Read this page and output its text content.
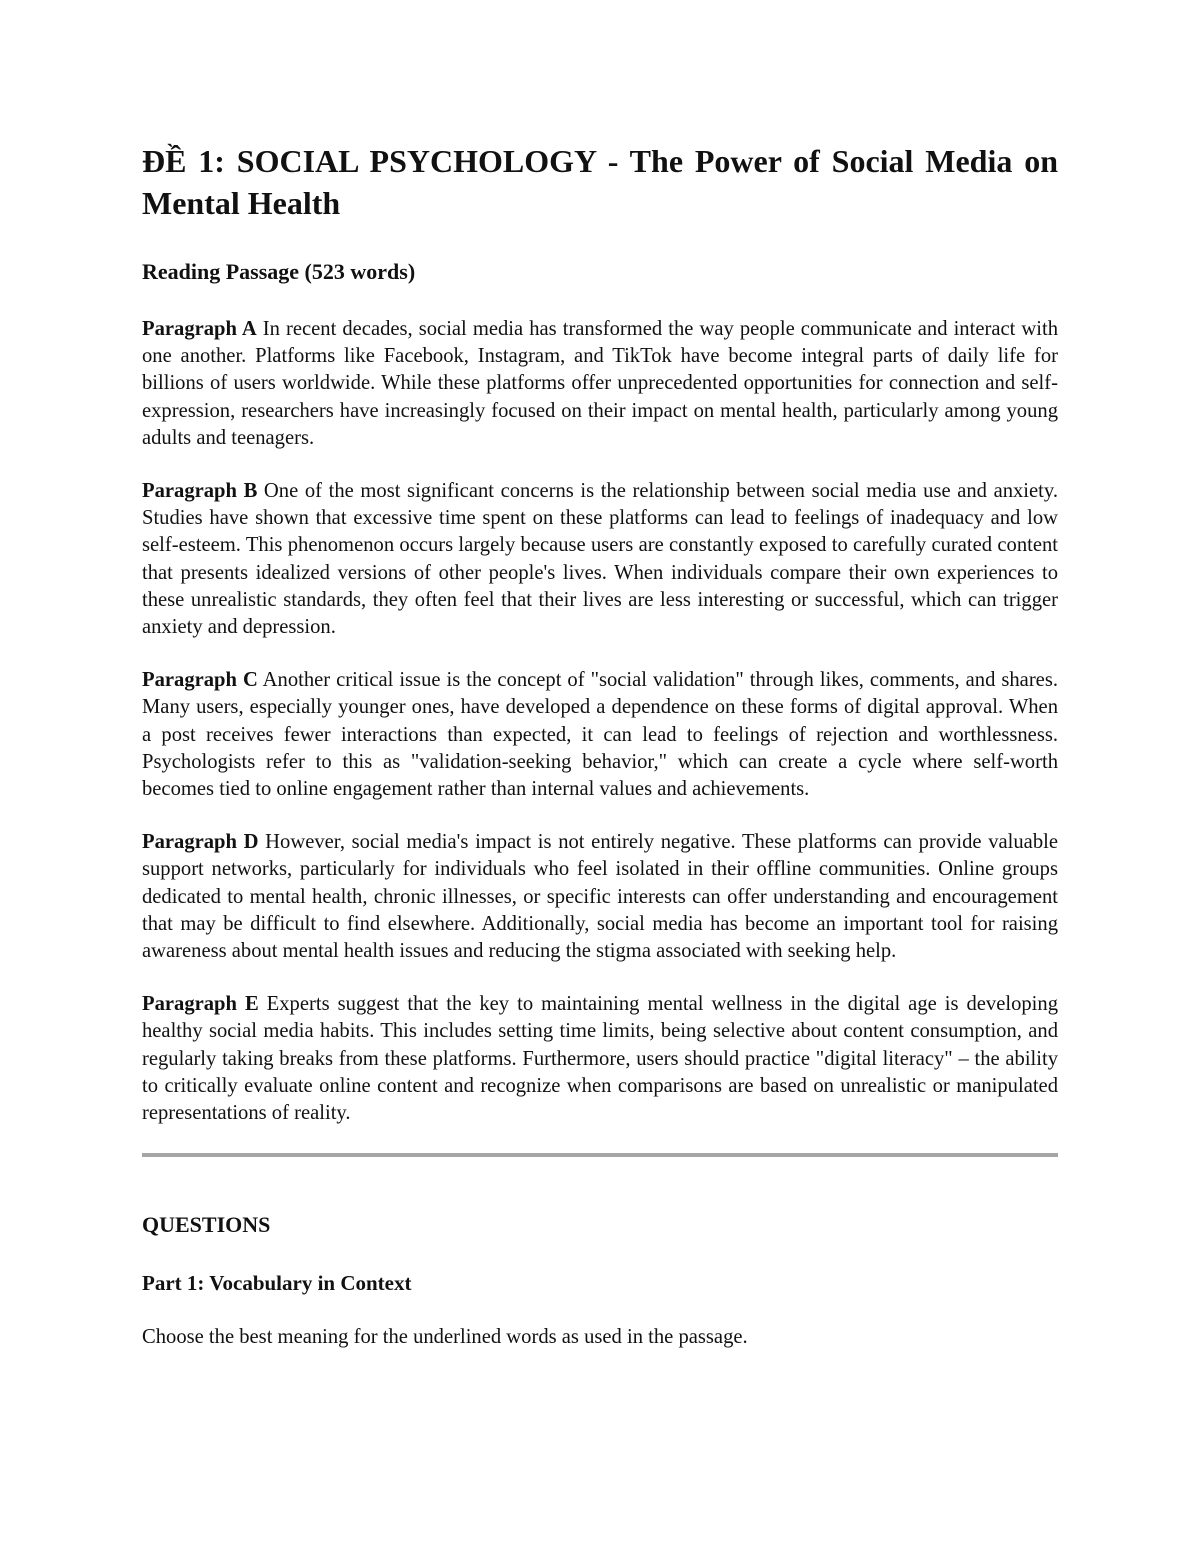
ĐỀ 1: SOCIAL PSYCHOLOGY - The Power of Social Media on Mental Health
Reading Passage (523 words)

Paragraph A In recent decades, social media has transformed the way people communicate and interact with one another. Platforms like Facebook, Instagram, and TikTok have become integral parts of daily life for billions of users worldwide. While these platforms offer unprecedented opportunities for connection and self-expression, researchers have increasingly focused on their impact on mental health, particularly among young adults and teenagers.

Paragraph B One of the most significant concerns is the relationship between social media use and anxiety. Studies have shown that excessive time spent on these platforms can lead to feelings of inadequacy and low self-esteem. This phenomenon occurs largely because users are constantly exposed to carefully curated content that presents idealized versions of other people's lives. When individuals compare their own experiences to these unrealistic standards, they often feel that their lives are less interesting or successful, which can trigger anxiety and depression.

Paragraph C Another critical issue is the concept of "social validation" through likes, comments, and shares. Many users, especially younger ones, have developed a dependence on these forms of digital approval. When a post receives fewer interactions than expected, it can lead to feelings of rejection and worthlessness. Psychologists refer to this as "validation-seeking behavior," which can create a cycle where self-worth becomes tied to online engagement rather than internal values and achievements.

Paragraph D However, social media's impact is not entirely negative. These platforms can provide valuable support networks, particularly for individuals who feel isolated in their offline communities. Online groups dedicated to mental health, chronic illnesses, or specific interests can offer understanding and encouragement that may be difficult to find elsewhere. Additionally, social media has become an important tool for raising awareness about mental health issues and reducing the stigma associated with seeking help.

Paragraph E Experts suggest that the key to maintaining mental wellness in the digital age is developing healthy social media habits. This includes setting time limits, being selective about content consumption, and regularly taking breaks from these platforms. Furthermore, users should practice "digital literacy" – the ability to critically evaluate online content and recognize when comparisons are based on unrealistic or manipulated representations of reality.

QUESTIONS
Part 1: Vocabulary in Context

Choose the best meaning for the underlined words as used in the passage.
